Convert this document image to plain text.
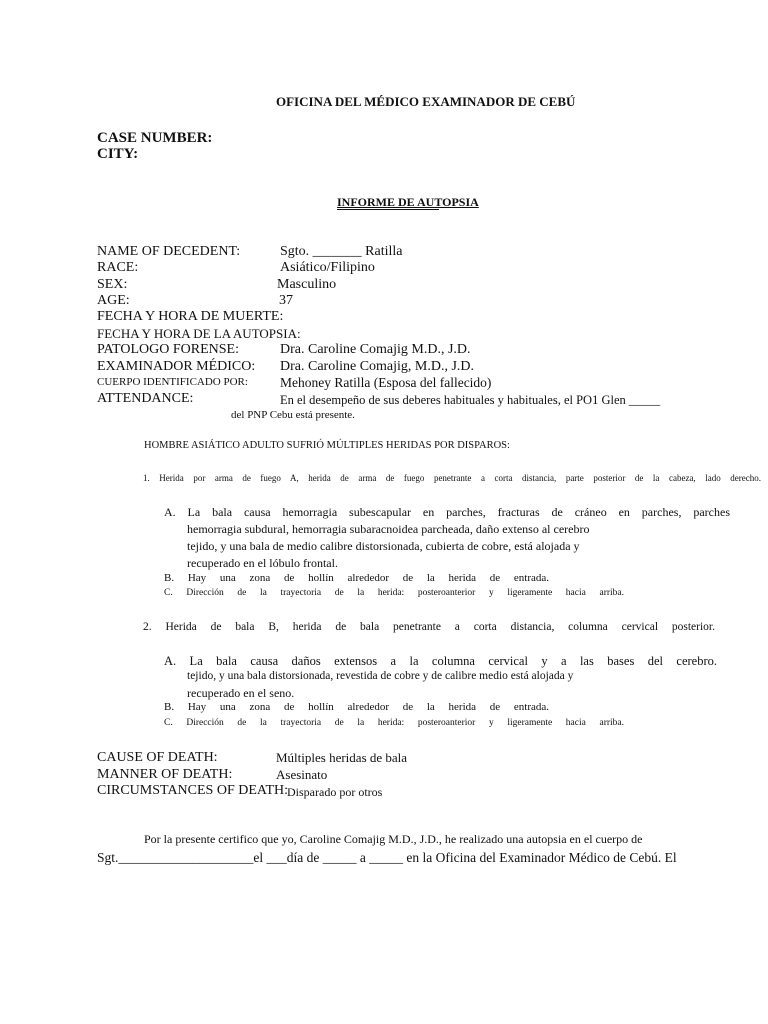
OFICINA DEL MÉDICO EXAMINADOR DE CEBÚ
CASE NUMBER:
CITY:
INFORME DE AUTOPSIA
NAME OF DECEDENT:	Sgto. _______ Ratilla
RACE:	Asiático/Filipino
SEX:	Masculino
AGE:	37
FECHA Y HORA DE MUERTE:
FECHA Y HORA DE LA AUTOPSIA:
PATOLOGO FORENSE:	Dra. Caroline Comajig M.D., J.D.
EXAMINADOR MÉDICO: Dra. Caroline Comajig, M.D., J.D.
CUERPO IDENTIFICADO POR: Mehoney Ratilla (Esposa del fallecido)
ATTENDANCE:	En el desempeño de sus deberes habituales y habituales, el PO1 Glen _____
del PNP Cebu está presente.
HOMBRE ASIÁTICO ADULTO SUFRIÓ MÚLTIPLES HERIDAS POR DISPAROS:
1. Herida por arma de fuego A, herida de arma de fuego penetrante a corta distancia, parte posterior de la cabeza, lado derecho.
A. La bala causa hemorragia subescapular en parches, fracturas de cráneo en parches, parches
hemorragia subdural, hemorragia subaracnoidea parcheada, daño extenso al cerebro
tejido, y una bala de medio calibre distorsionada, cubierta de cobre, está alojada y
recuperado en el lóbulo frontal.
B. Hay una zona de hollín alrededor de la herida de entrada.
C. Dirección de la trayectoria de la herida: posteroanterior y ligeramente hacia arriba.
2. Herida de bala B, herida de bala penetrante a corta distancia, columna cervical posterior.
A. La bala causa daños extensos a la columna cervical y a las bases del cerebro.
tejido, y una bala distorsionada, revestida de cobre y de calibre medio está alojada y
recuperado en el seno.
B. Hay una zona de hollín alrededor de la herida de entrada.
C. Dirección de la trayectoria de la herida: posteroanterior y ligeramente hacia arriba.
CAUSE OF DEATH:	Múltiples heridas de bala
MANNER OF DEATH:	Asesinato
CIRCUMSTANCES OF DEATH:
Disparado por otros
Por la presente certifico que yo, Caroline Comajig M.D., J.D., he realizado una autopsia en el cuerpo de
Sgt.____________________el ___día de _____ a _____ en la Oficina del Examinador Médico de Cebú. El
